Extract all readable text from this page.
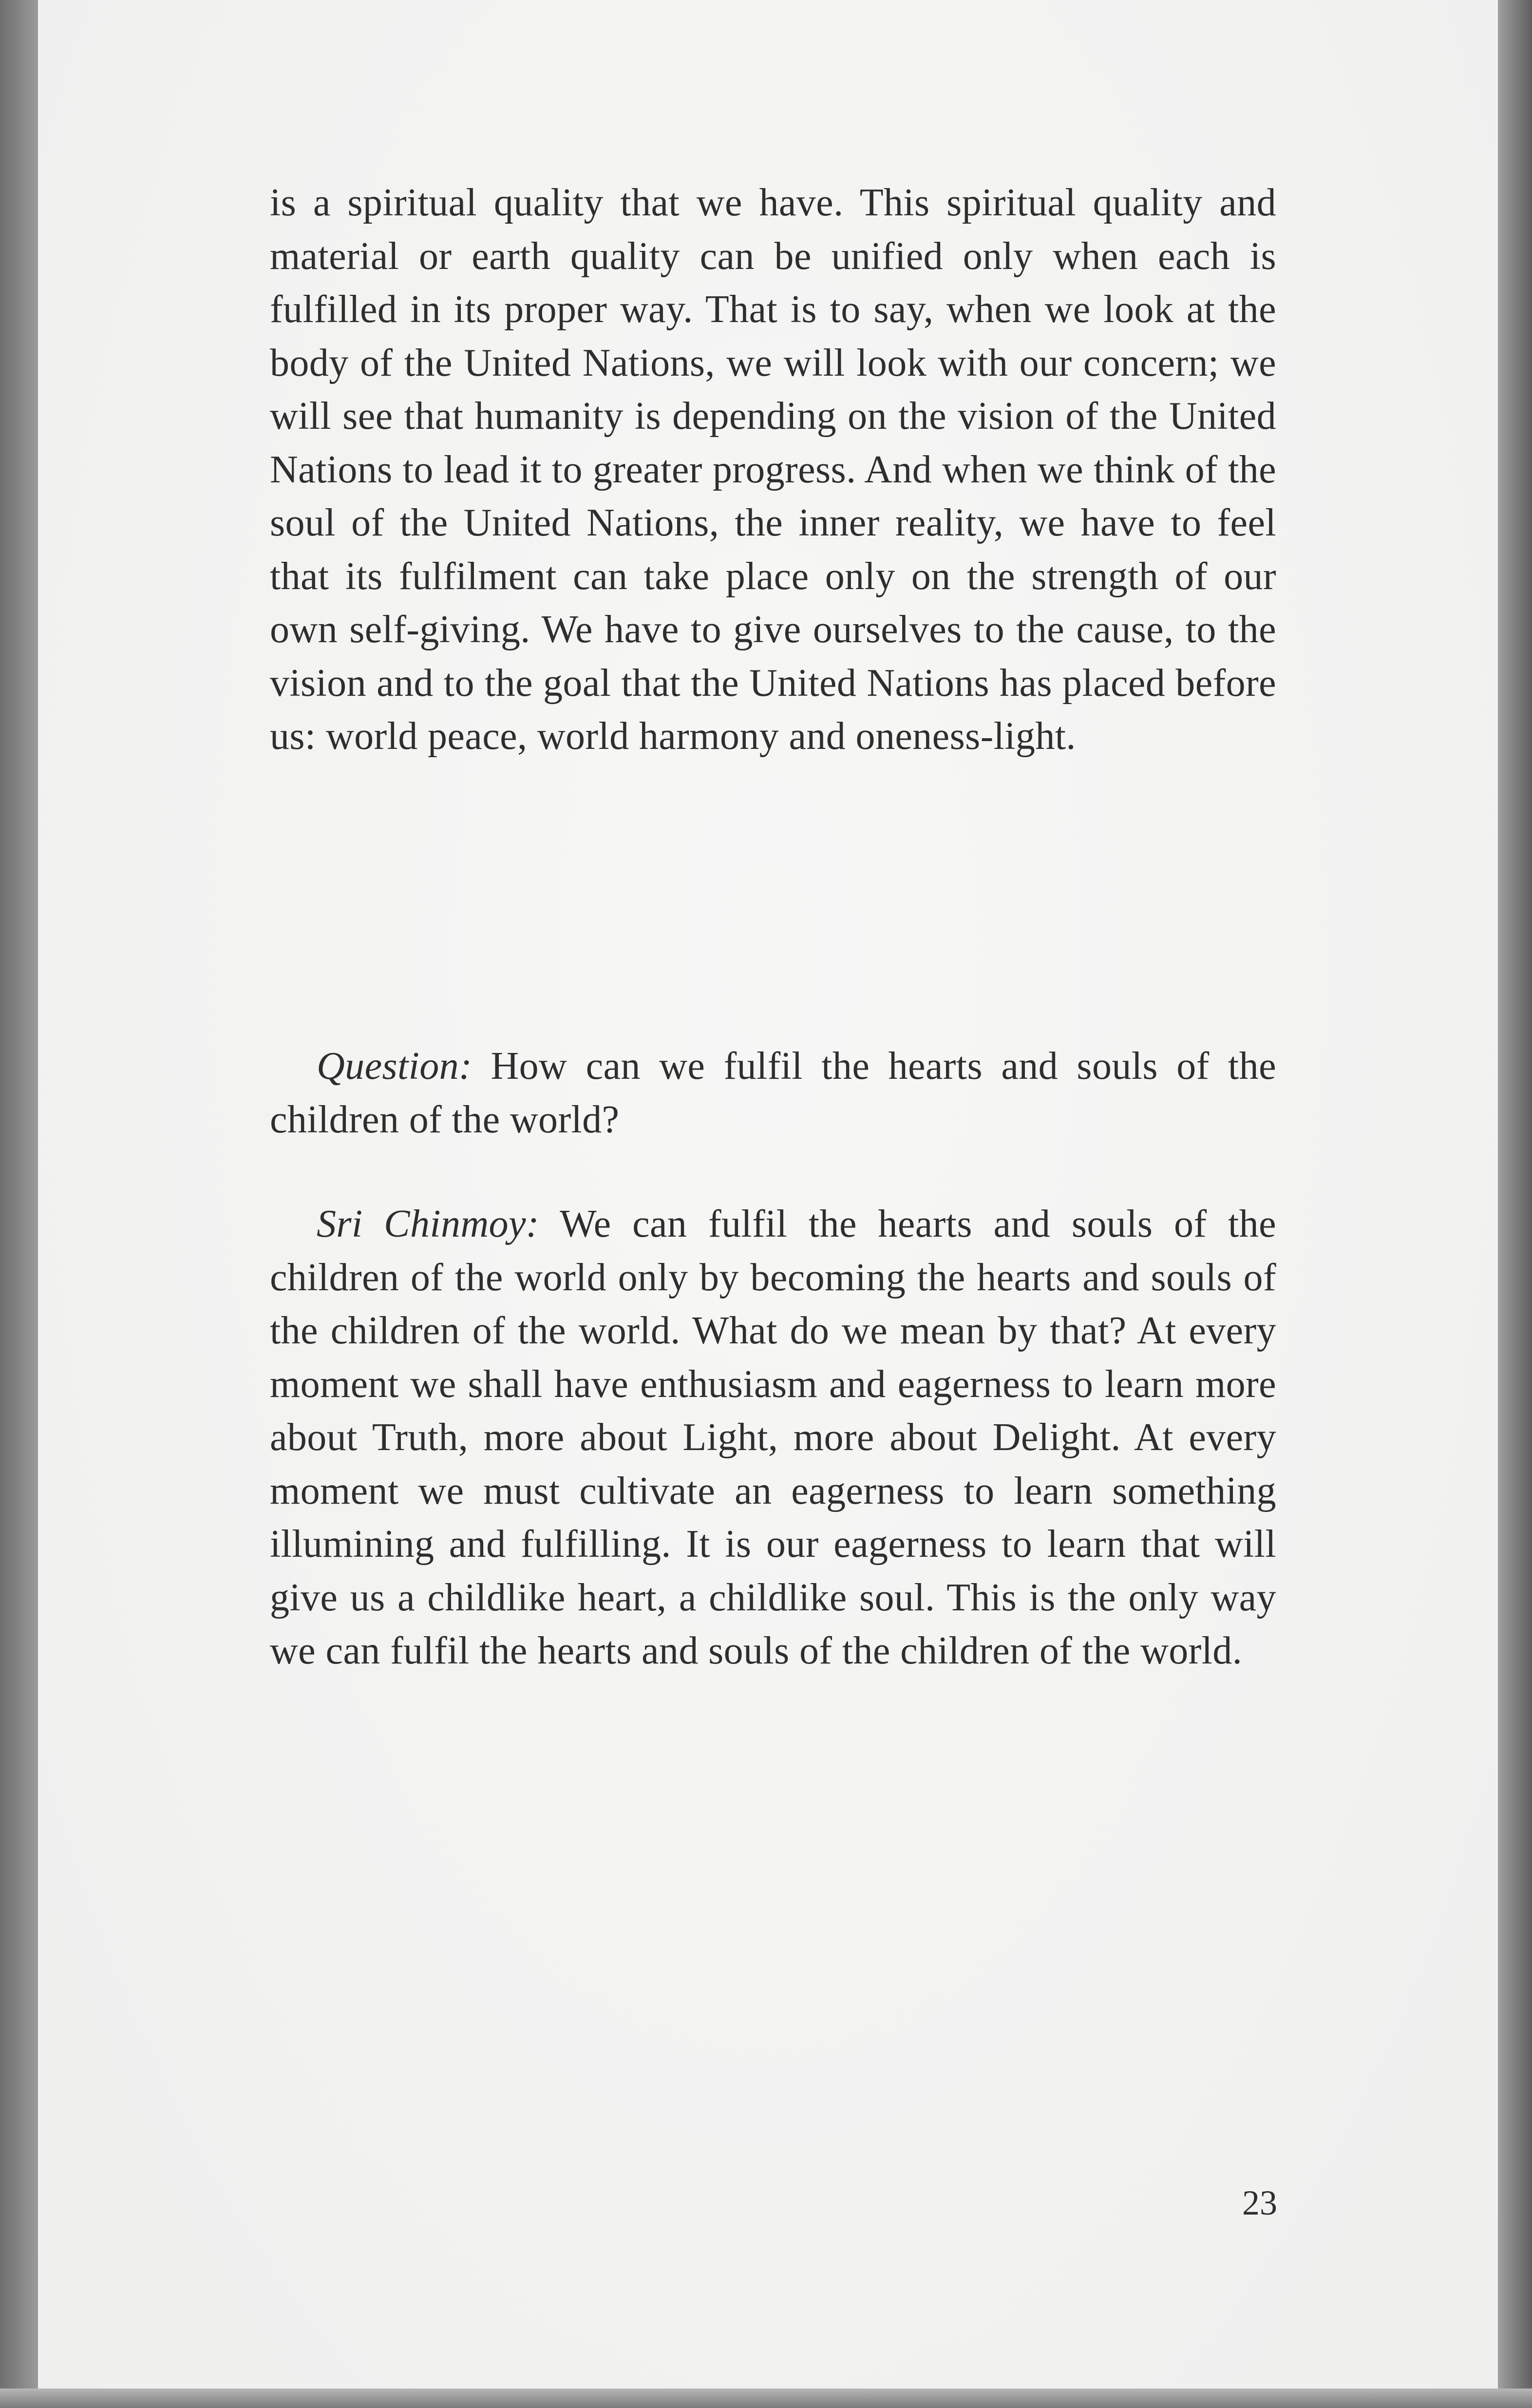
is a spiritual quality that we have. This spiritual quality and material or earth quality can be unified only when each is fulfilled in its proper way. That is to say, when we look at the body of the United Nations, we will look with our concern; we will see that humanity is depending on the vision of the United Nations to lead it to greater progress. And when we think of the soul of the United Nations, the inner reality, we have to feel that its fulfilment can take place only on the strength of our own self-giving. We have to give ourselves to the cause, to the vision and to the goal that the United Nations has placed before us: world peace, world harmony and oneness-light.

Question: How can we fulfil the hearts and souls of the children of the world?

Sri Chinmoy: We can fulfil the hearts and souls of the children of the world only by becoming the hearts and souls of the children of the world. What do we mean by that? At every moment we shall have enthusiasm and eagerness to learn more about Truth, more about Light, more about Delight. At every moment we must cultivate an eagerness to learn something illumining and fulfilling. It is our eagerness to learn that will give us a childlike heart, a childlike soul. This is the only way we can fulfil the hearts and souls of the children of the world.

23
